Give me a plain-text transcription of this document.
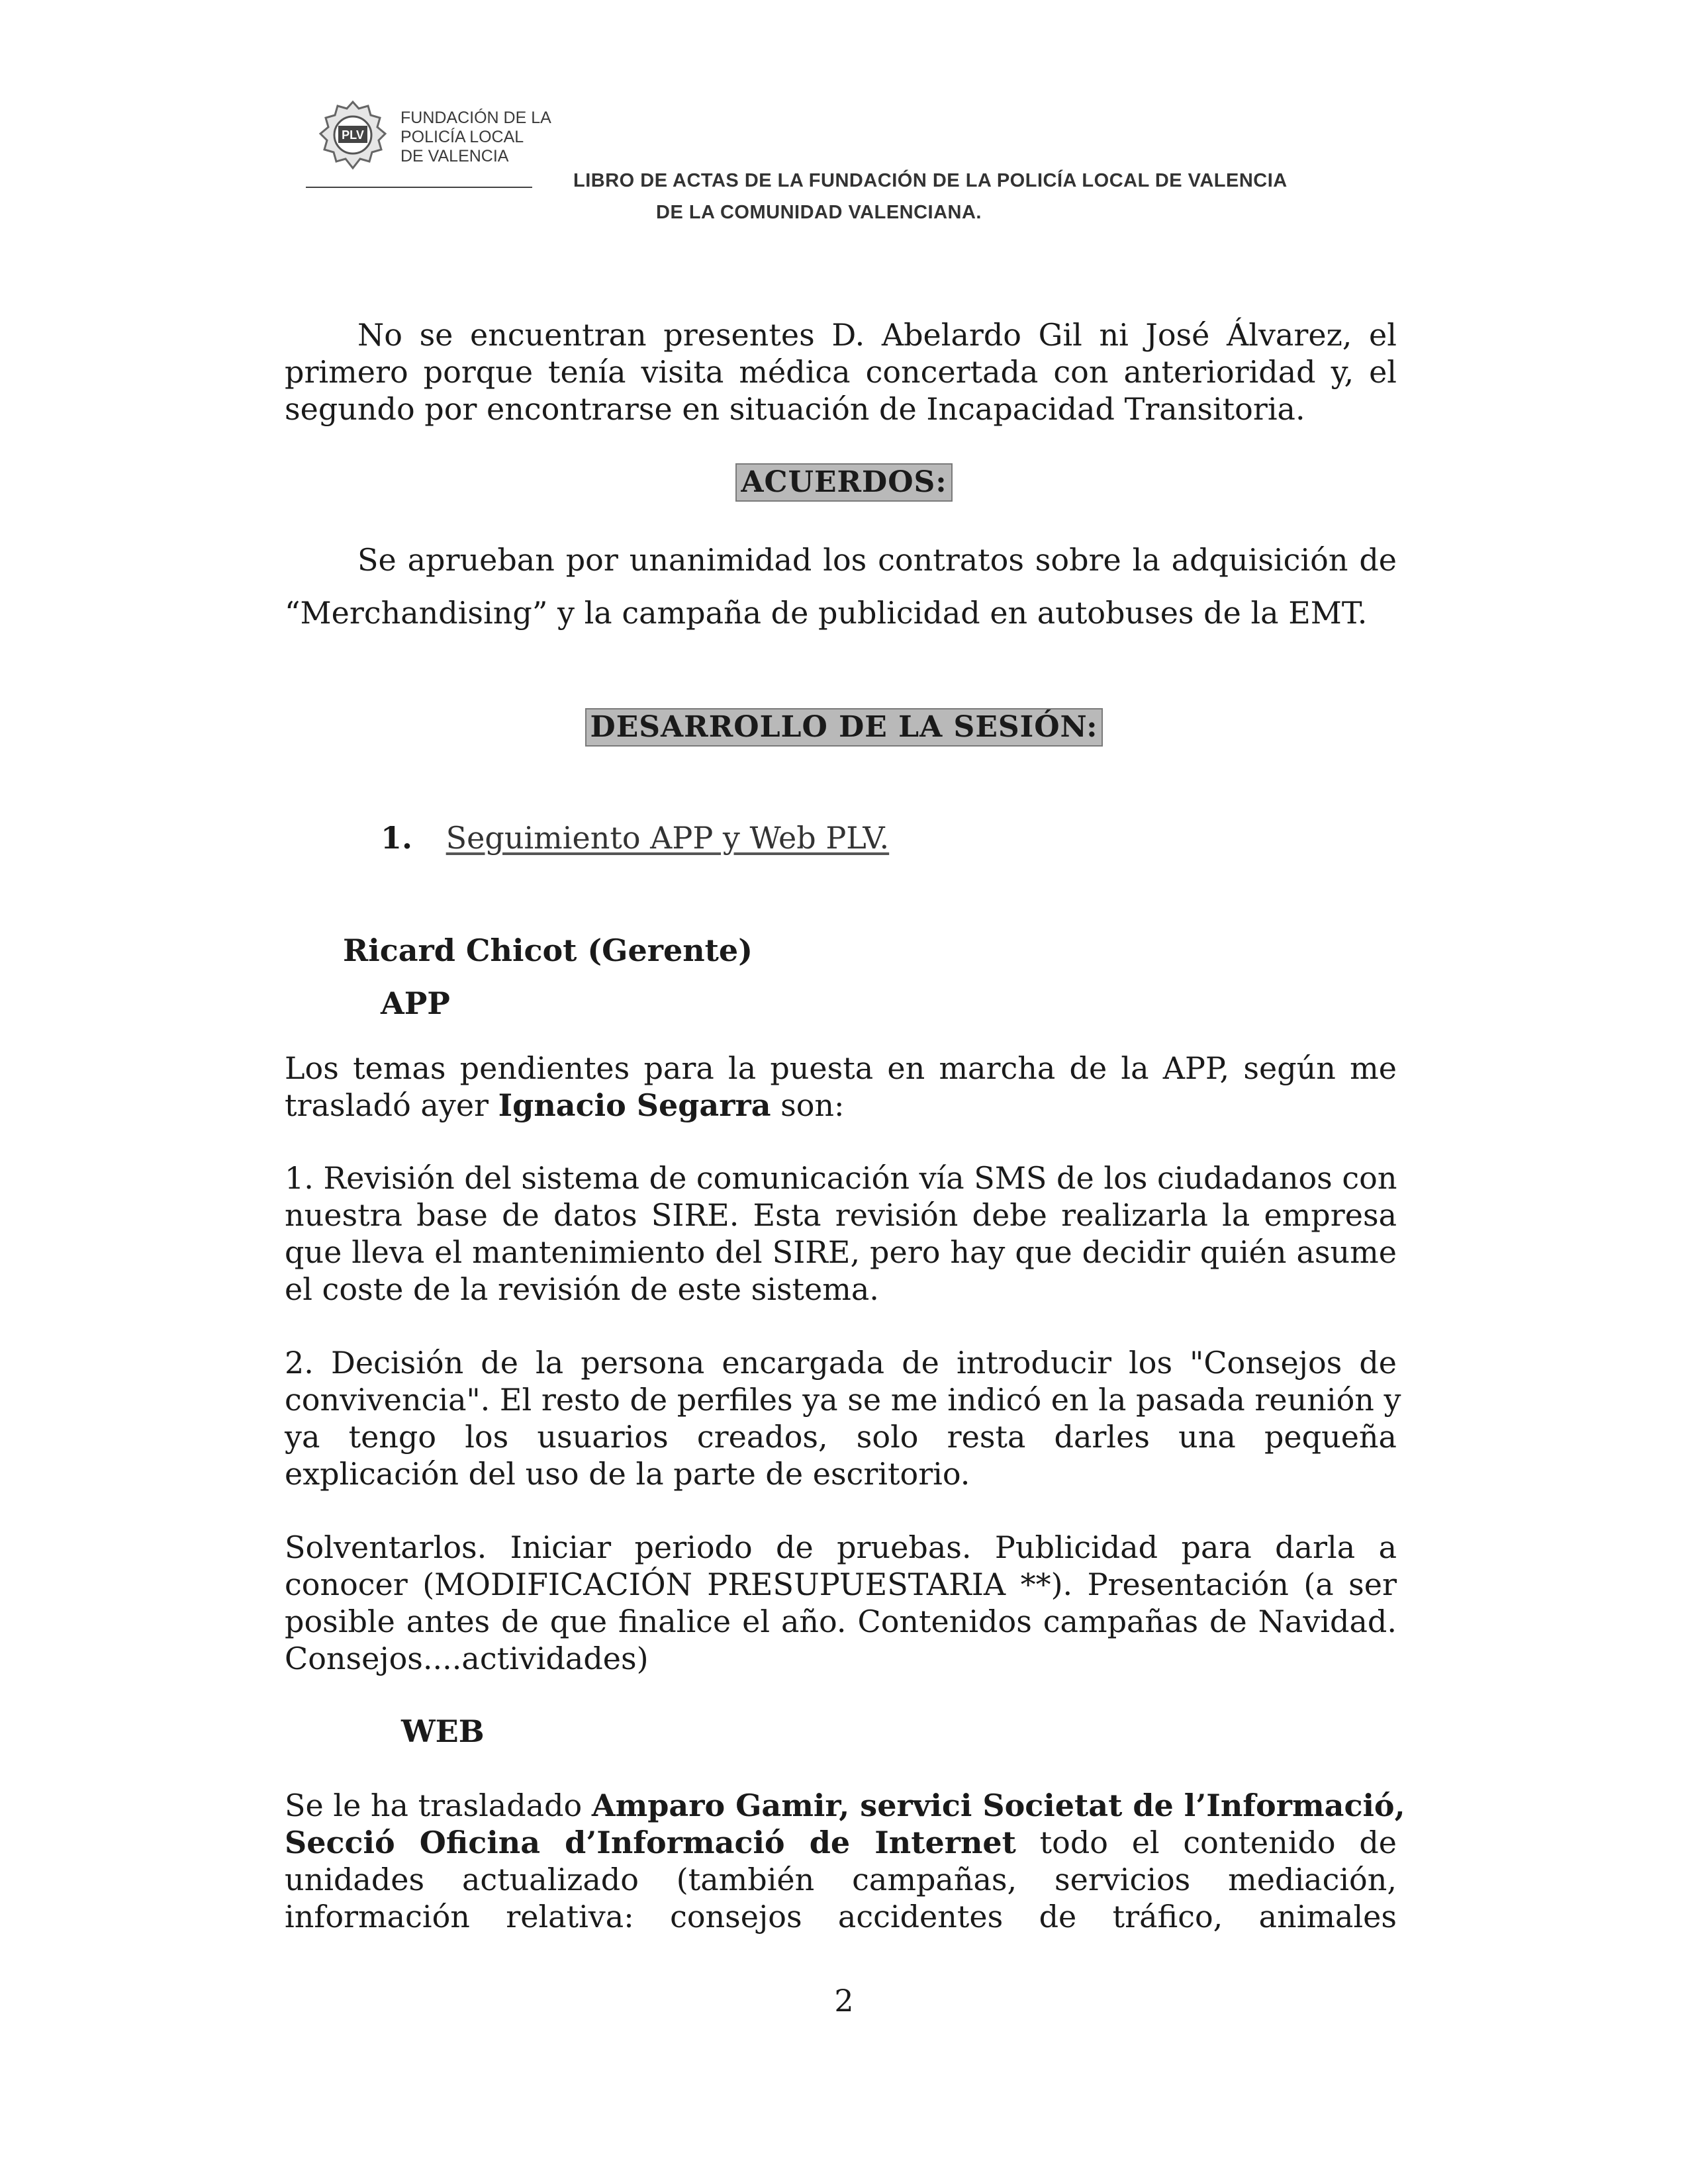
PLV
FUNDACIÓN DE LA
POLICÍA LOCAL
DE VALENCIA
LIBRO DE ACTAS DE LA FUNDACIÓN DE LA POLICÍA LOCAL DE VALENCIA
DE LA COMUNIDAD VALENCIANA.
No se encuentran presentes D. Abelardo Gil ni José Álvarez, el
primero porque tenía visita médica concertada con anterioridad y, el
segundo por encontrarse en situación de Incapacidad Transitoria.
ACUERDOS:
Se aprueban por unanimidad los contratos sobre la adquisición de
“Merchandising” y la campaña de publicidad en autobuses de la EMT.
DESARROLLO DE LA SESIÓN:
1. Seguimiento APP y Web PLV.
Ricard Chicot (Gerente)
APP
Los temas pendientes para la puesta en marcha de la APP, según me
trasladó ayer Ignacio Segarra son:
1. Revisión del sistema de comunicación vía SMS de los ciudadanos con
nuestra base de datos SIRE. Esta revisión debe realizarla la empresa
que lleva el mantenimiento del SIRE, pero hay que decidir quién asume
el coste de la revisión de este sistema.
2. Decisión de la persona encargada de introducir los "Consejos de
convivencia". El resto de perfiles ya se me indicó en la pasada reunión y
ya tengo los usuarios creados, solo resta darles una pequeña
explicación del uso de la parte de escritorio.
Solventarlos. Iniciar periodo de pruebas. Publicidad para darla a
conocer (MODIFICACIÓN PRESUPUESTARIA **). Presentación (a ser
posible antes de que finalice el año. Contenidos campañas de Navidad.
Consejos....actividades)
WEB
Se le ha trasladado Amparo Gamir, servici Societat de l’Informació,
Secció Oficina d’Informació de Internet todo el contenido de
unidades actualizado (también campañas, servicios mediación,
información relativa: consejos accidentes de tráfico, animales
2
